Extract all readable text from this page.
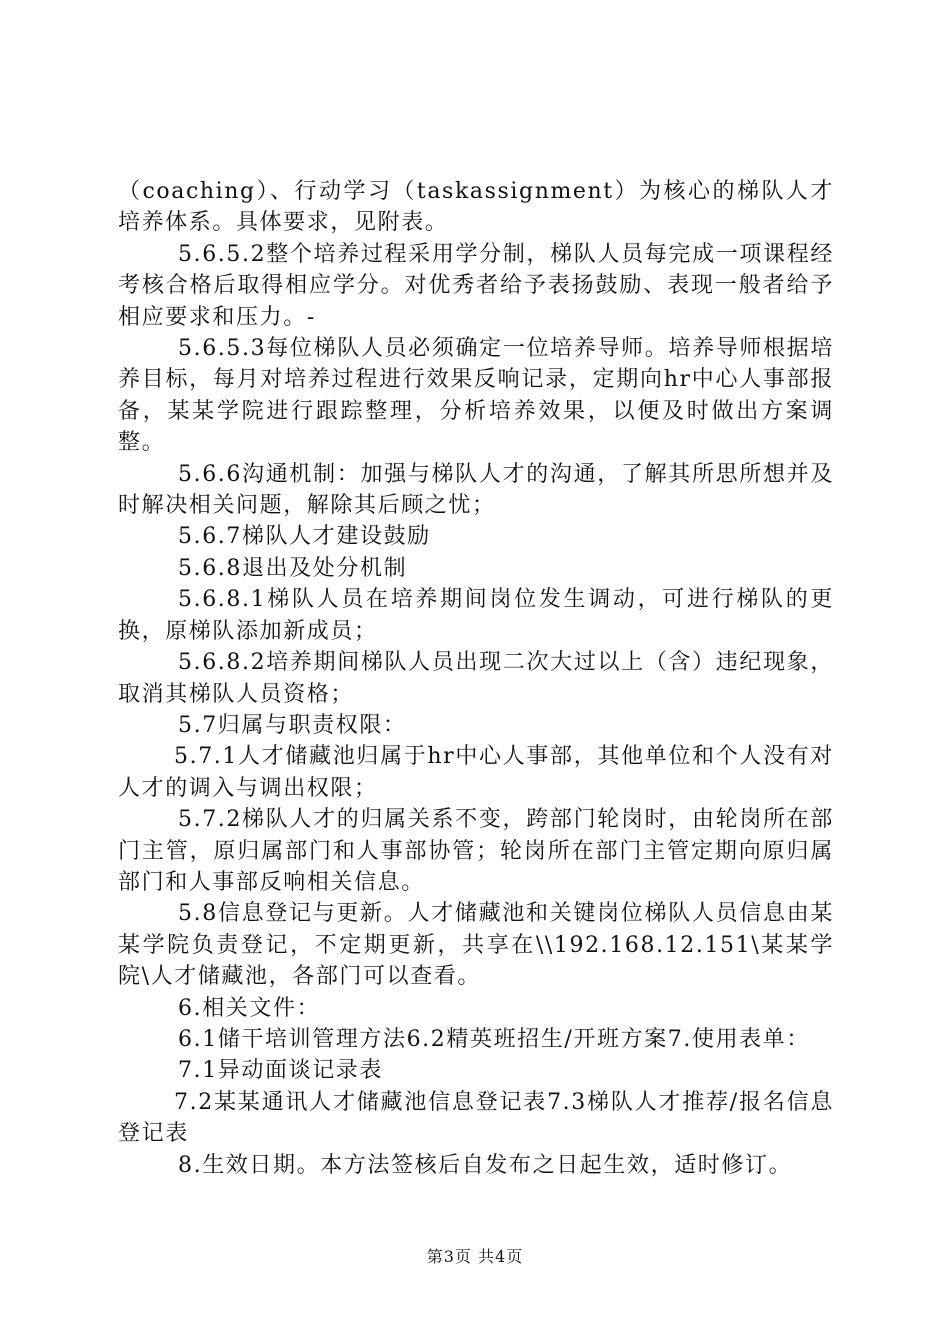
（coaching）、行动学习（taskassignment）为核心的梯队人才培养体系。具体要求，见附表。

5.6.5.2整个培养过程采用学分制，梯队人员每完成一项课程经考核合格后取得相应学分。对优秀者给予表扬鼓励、表现一般者给予相应要求和压力。-

5.6.5.3每位梯队人员必须确定一位培养导师。培养导师根据培养目标，每月对培养过程进行效果反响记录，定期向hr中心人事部报备，某某学院进行跟踪整理，分析培养效果，以便及时做出方案调整。

5.6.6沟通机制：加强与梯队人才的沟通，了解其所思所想并及时解决相关问题，解除其后顾之忧；

5.6.7梯队人才建设鼓励

5.6.8退出及处分机制

5.6.8.1梯队人员在培养期间岗位发生调动，可进行梯队的更换，原梯队添加新成员；

5.6.8.2培养期间梯队人员出现二次大过以上（含）违纪现象，取消其梯队人员资格；

5.7归属与职责权限：

5.7.1人才储藏池归属于hr中心人事部，其他单位和个人没有对人才的调入与调出权限；

5.7.2梯队人才的归属关系不变，跨部门轮岗时，由轮岗所在部门主管，原归属部门和人事部协管；轮岗所在部门主管定期向原归属部门和人事部反响相关信息。

5.8信息登记与更新。人才储藏池和关键岗位梯队人员信息由某某学院负责登记，不定期更新，共享在\\192.168.12.151\某某学院\人才储藏池，各部门可以查看。

6.相关文件：

6.1储干培训管理方法6.2精英班招生/开班方案7.使用表单：

7.1异动面谈记录表

7.2某某通讯人才储藏池信息登记表7.3梯队人才推荐/报名信息登记表

8.生效日期。本方法签核后自发布之日起生效，适时修订。

第3页 共4页
